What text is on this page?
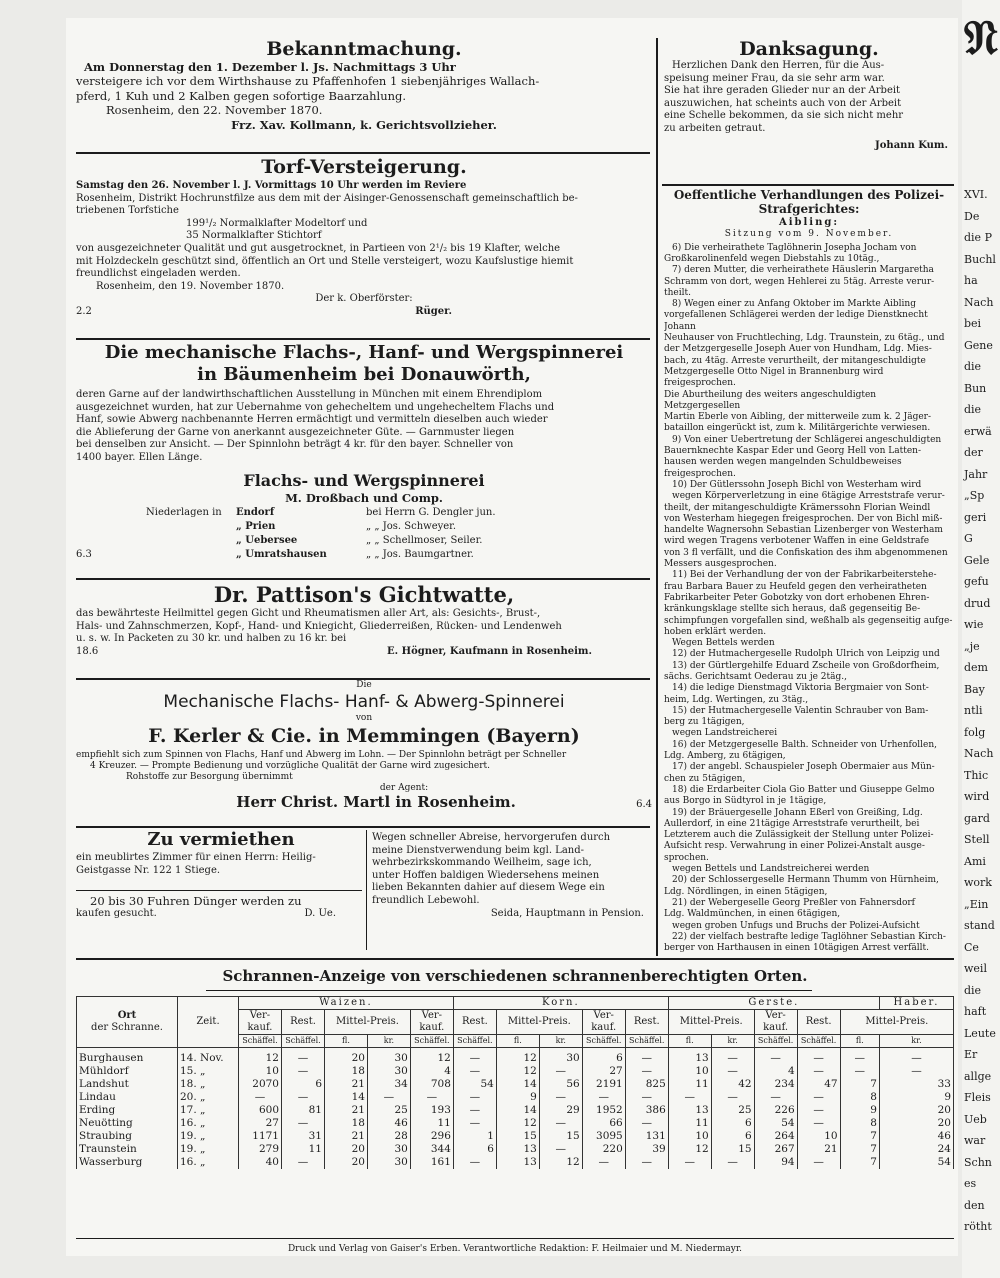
Bekanntmachung.

Am Donnerstag den 1. Dezember l. Js. Nachmittags 3 Uhr

versteigere ich vor dem Wirthshause zu Pfaffenhofen 1 siebenjähriges Wallach-

pferd, 1 Kuh und 2 Kalben gegen sofortige Baarzahlung.

Rosenheim, den 22. November 1870.

Frz. Xav. Kollmann, k. Gerichtsvollzieher.

Torf-Versteigerung.

Samstag den 26. November l. J. Vormittags 10 Uhr werden im Reviere

Rosenheim, Distrikt Hochrunstfilze aus dem mit der Aisinger-Genossenschaft gemeinschaftlich be-

triebenen Torfstiche

199¹/₂ Normalklafter Modeltorf und

35 Normalklafter Stichtorf

von ausgezeichneter Qualität und gut ausgetrocknet, in Partieen von 2¹/₂ bis 19 Klafter, welche

mit Holzdeckeln geschützt sind, öffentlich an Ort und Stelle versteigert, wozu Kaufslustige hiemit

freundlichst eingeladen werden.

Rosenheim, den 19. November 1870.

Der k. Oberförster:

2.2	Rüger.

Die mechanische Flachs-, Hanf- und Wergspinnerei

in Bäumenheim bei Donauwörth,

deren Garne auf der landwirthschaftlichen Ausstellung in München mit einem Ehrendiplom

ausgezeichnet wurden, hat zur Uebernahme von gehecheltem und ungehecheltem Flachs und

Hanf, sowie Abwerg nachbenannte Herren ermächtigt und vermitteln dieselben auch wieder

die Ablieferung der Garne von anerkannt ausgezeichneter Güte. — Garnmuster liegen

bei denselben zur Ansicht. — Der Spinnlohn beträgt 4 kr. für den bayer. Schneller von

1400 bayer. Ellen Länge.

Flachs- und Wergspinnerei

M. Droßbach und Comp.

Niederlagen in Endorf	bei Herrn G. Dengler jun.
„ Prien	„ „ Jos. Schweyer.
„ Uebersee	„ „ Schellmoser, Seiler.
6.3	„ Umratshausen	„ „ Jos. Baumgartner.

Dr. Pattison's Gichtwatte,

das bewährteste Heilmittel gegen Gicht und Rheumatismen aller Art, als: Gesichts-, Brust-,

Hals- und Zahnschmerzen, Kopf-, Hand- und Kniegicht, Gliederreißen, Rücken- und Lendenweh

u. s. w. In Packeten zu 30 kr. und halben zu 16 kr. bei

18.6	E. Högner, Kaufmann in Rosenheim.

Die

Mechanische Flachs- Hanf- & Abwerg-Spinnerei

von

F. Kerler & Cie. in Memmingen (Bayern)

empfiehlt sich zum Spinnen von Flachs, Hanf und Abwerg im Lohn. — Der Spinnlohn beträgt per Schneller

4 Kreuzer. — Prompte Bedienung und vorzügliche Qualität der Garne wird zugesichert.

Rohstoffe zur Besorgung übernimmt

der Agent:

Herr Christ. Martl in Rosenheim.	6.4

Zu vermiethen

ein meublirtes Zimmer für einen Herrn: Heilig-

Geistgasse Nr. 122 1 Stiege.

20 bis 30 Fuhren Dünger werden zu

kaufen gesucht.	D. Ue.

Wegen schneller Abreise, hervorgerufen durch

meine Dienstverwendung beim kgl. Land-

wehrbezirkskommando Weilheim, sage ich,

unter Hoffen baldigen Wiedersehens meinen

lieben Bekannten dahier auf diesem Wege ein

freundlich Lebewohl.

Seida, Hauptmann in Pension.

Danksagung.

Herzlichen Dank den Herren, für die Aus-

speisung meiner Frau, da sie sehr arm war.

Sie hat ihre geraden Glieder nur an der Arbeit

auszuwichen, hat scheints auch von der Arbeit

eine Schelle bekommen, da sie sich nicht mehr

zu arbeiten getraut.

Johann Kum.

Oeffentliche Verhandlungen des Polizei-

Strafgerichtes:

Aibling:

Sitzung vom 9. November.

6) Die verheirathete Taglöhnerin Josepha Jocham von

Großkarolinenfeld wegen Diebstahls zu 10täg.,

7) deren Mutter, die verheirathete Häuslerin Margaretha

Schramm von dort, wegen Hehlerei zu 5täg. Arreste verur-

theilt.

8) Wegen einer zu Anfang Oktober im Markte Aibling

vorgefallenen Schlägerei werden der ledige Dienstknecht Johann

Neuhauser von Fruchtleching, Ldg. Traunstein, zu 6täg., und

der Metzgergeselle Joseph Auer von Hundham, Ldg. Mies-

bach, zu 4täg. Arreste verurtheilt, der mitangeschuldigte

Metzgergeselle Otto Nigel in Brannenburg wird freigesprochen.

Die Aburtheilung des weiters angeschuldigten Metzgergesellen

Martin Eberle von Aibling, der mitterweile zum k. 2 Jäger-

bataillon eingerückt ist, zum k. Militärgerichte verwiesen.

9) Von einer Uebertretung der Schlägerei angeschuldigten

Bauernknechte Kaspar Eder und Georg Hell von Latten-

hausen werden wegen mangelnden Schuldbeweises freigesprochen.

10) Der Gütlerssohn Joseph Bichl von Westerham wird

wegen Körperverletzung in eine 6tägige Arreststrafe verur-

theilt, der mitangeschuldigte Krämerssohn Florian Weindl

von Westerham hiegegen freigesprochen. Der von Bichl miß-

handelte Wagnersohn Sebastian Lizenberger von Westerham

wird wegen Tragens verbotener Waffen in eine Geldstrafe

von 3 fl verfällt, und die Confiskation des ihm abgenommenen

Messers ausgesprochen.

11) Bei der Verhandlung der von der Fabrikarbeiterstehe-

frau Barbara Bauer zu Heufeld gegen den verheiratheten

Fabrikarbeiter Peter Gobotzky von dort erhobenen Ehren-

kränkungsklage stellte sich heraus, daß gegenseitig Be-

schimpfungen vorgefallen sind, weßhalb als gegenseitig aufge-

hoben erklärt werden.

Wegen Bettels werden

12) der Hutmachergeselle Rudolph Ulrich von Leipzig und

13) der Gürtlergehilfe Eduard Zscheile von Großdorfheim,

sächs. Gerichtsamt Oederau zu je 2täg.,

14) die ledige Dienstmagd Viktoria Bergmaier von Sont-

heim, Ldg. Wertingen, zu 3täg.,

15) der Hutmachergeselle Valentin Schrauber von Bam-

berg zu 1tägigen,

wegen Landstreicherei

16) der Metzgergeselle Balth. Schneider von Urhenfollen,

Ldg. Amberg, zu 6tägigen,

17) der angebl. Schauspieler Joseph Obermaier aus Mün-

chen zu 5tägigen,

18) die Erdarbeiter Ciola Gio Batter und Giuseppe Gelmo

aus Borgo in Südtyrol in je 1tägige,

19) der Bräuergeselle Johann Eßerl von Greißing, Ldg.

Aullerdorf, in eine 21tägige Arreststrafe verurtheilt, bei

Letzterem auch die Zulässigkeit der Stellung unter Polizei-

Aufsicht resp. Verwahrung in einer Polizei-Anstalt ausge-

sprochen.

wegen Bettels und Landstreicherei werden

20) der Schlossergeselle Hermann Thumm von Hürnheim,

Ldg. Nördlingen, in einen 5tägigen,

21) der Webergeselle Georg Preßler von Fahnersdorf

Ldg. Waldmünchen, in einen 6tägigen,

wegen groben Unfugs und Bruchs der Polizei-Aufsicht

22) der vielfach bestrafte ledige Taglöhner Sebastian Kirch-

berger von Harthausen in einen 10tägigen Arrest verfällt.

Schrannen-Anzeige von verschiedenen schrannenberechtigten Orten.

Ort
der Schranne.	Zeit.	Waizen.					Korn.					Gerste.					Haber.
		Ver-kauf.	Rest.	Mittel-Preis.		Ver-kauf.	Rest.	Mittel-Preis.		Ver-kauf.	Rest.	Mittel-Preis.		Ver-kauf.	Rest.	Mittel-Preis.	
		Schäffel.	Schäffel.	fl.	kr.	Schäffel.	Schäffel.	fl.	kr.	Schäffel.	Schäffel.	fl.	kr.	Schäffel.	Schäffel.	fl.	kr.
Burghausen	14. Nov.	12	—	20	30	12	—	12	30	6	—	13	—	—	—	—	—
Mühldorf	15. „	10	—	18	30	4	—	12	—	27	—	10	—	4	—	—	—
Landshut	18. „	2070	6	21	34	708	54	14	56	2191	825	11	42	234	47	7	33
Lindau	20. „	—	—	14	—	—	—	9	—	—	—	—	—	—	—	8	9
Erding	17. „	600	81	21	25	193	—	14	29	1952	386	13	25	226	—	9	20
Neuötting	16. „	27	—	18	46	11	—	12	—	66	—	11	6	54	—	8	20
Straubing	19. „	1171	31	21	28	296	1	15	15	3095	131	10	6	264	10	7	46
Traunstein	19. „	279	11	20	30	344	6	13	—	220	39	12	15	267	21	7	24
Wasserburg	16. „	40	—	20	30	161	—	13	12	—	—	—	—	94	—	7	54

Druck und Verlag von Gaiser's Erben. Verantwortliche Redaktion: F. Heilmaier und M. Niedermayr.

𝔑
XVI.
De
die P
Buchl
ha
Nach
bei
Gene
die
Bun
die
erwä
der
Jahr
„Sp
geri
G
Gele
gefu
drud
wie
„je
dem
Bay
ntli
folg
Nach
Thic
wird
gard
Stell
Ami
work
„Ein
stand
Ce
weil
die
haft
Leute
Er
allge
Fleis
Ueb
war
Schn
es
den
rötht
